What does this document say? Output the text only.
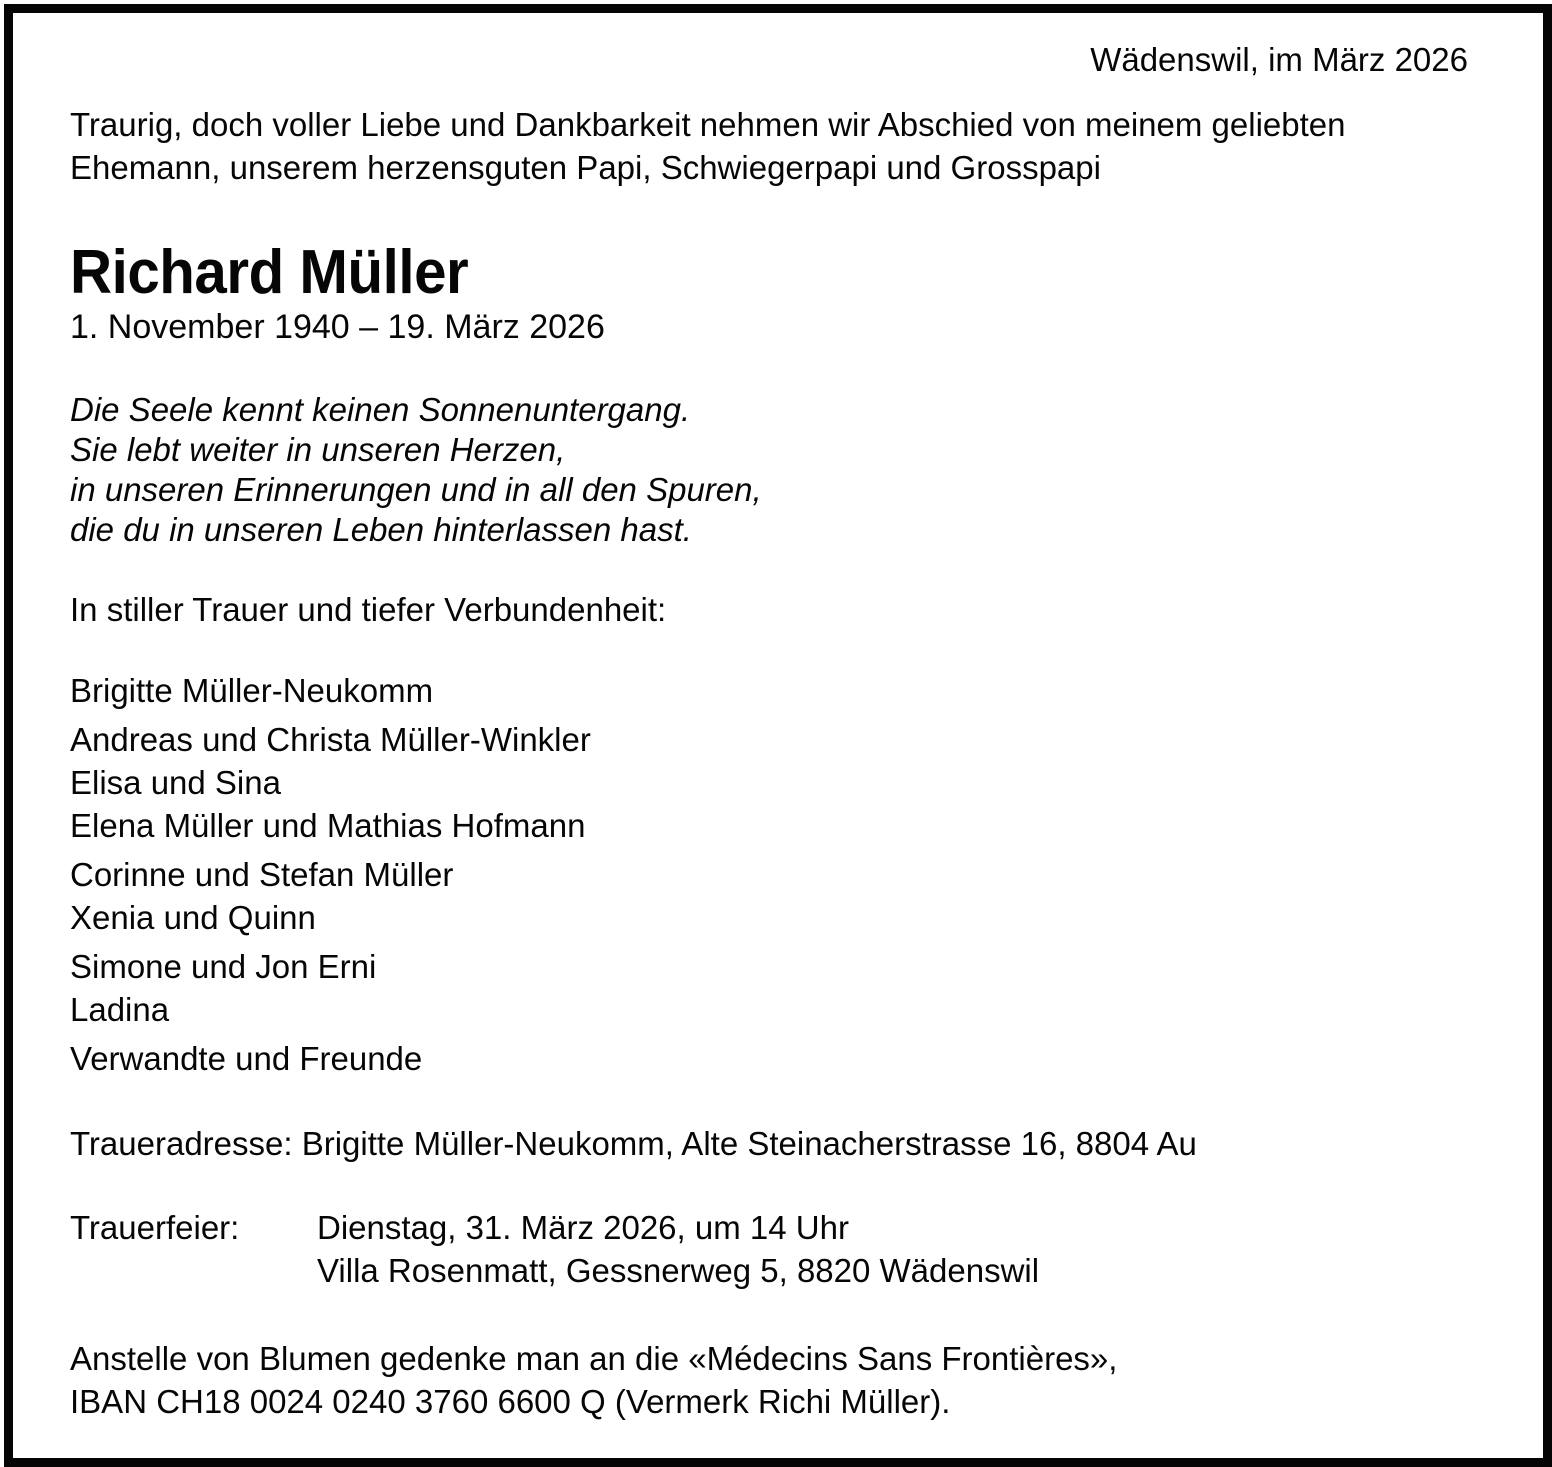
Wädenswil, im März 2026
Traurig, doch voller Liebe und Dankbarkeit nehmen wir Abschied von meinem geliebten
Ehemann, unserem herzensguten Papi, Schwiegerpapi und Grosspapi
Richard Müller
1. November 1940 – 19. März 2026
Die Seele kennt keinen Sonnenuntergang.
Sie lebt weiter in unseren Herzen,
in unseren Erinnerungen und in all den Spuren,
die du in unseren Leben hinterlassen hast.
In stiller Trauer und tiefer Verbundenheit:
Brigitte Müller-Neukomm
Andreas und Christa Müller-Winkler
Elisa und Sina
Elena Müller und Mathias Hofmann
Corinne und Stefan Müller
Xenia und Quinn
Simone und Jon Erni
Ladina
Verwandte und Freunde
Traueradresse: Brigitte Müller-Neukomm, Alte Steinacherstrasse 16, 8804 Au
Trauerfeier:	Dienstag, 31. März 2026, um 14 Uhr
Villa Rosenmatt, Gessnerweg 5, 8820 Wädenswil
Anstelle von Blumen gedenke man an die «Médecins Sans Frontières»,
IBAN CH18 0024 0240 3760 6600 Q (Vermerk Richi Müller).
